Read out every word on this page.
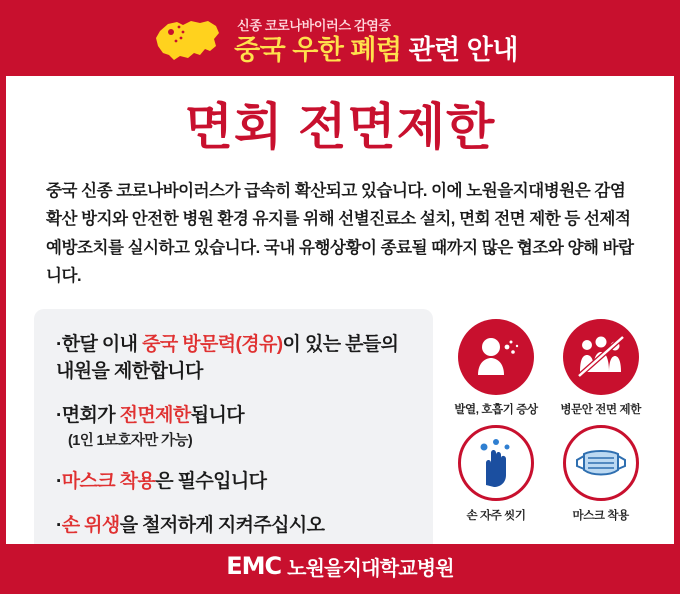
신종 코로나바이러스 감염증
중국 우한 폐렴 관련 안내
면회 전면제한
중국 신종 코로나바이러스가 급속히 확산되고 있습니다. 이에 노원을지대병원은 감염 확산 방지와 안전한 병원 환경 유지를 위해 선별진료소 설치, 면회 전면 제한 등 선제적 예방조치를 실시하고 있습니다. 국내 유행상황이 종료될 때까지 많은 협조와 양해 바랍니다.
·한달 이내 중국 방문력(경유)이 있는 분들의 내원을 제한합니다
·면회가 전면제한됩니다
(1인 1보호자만 가능)
·마스크 착용은 필수입니다
·손 위생을 철저하게 지켜주십시오
발열, 호흡기 증상	병문안 전면 제한
손 자주 씻기	마스크 착용
EMC 노원을지대학교병원
